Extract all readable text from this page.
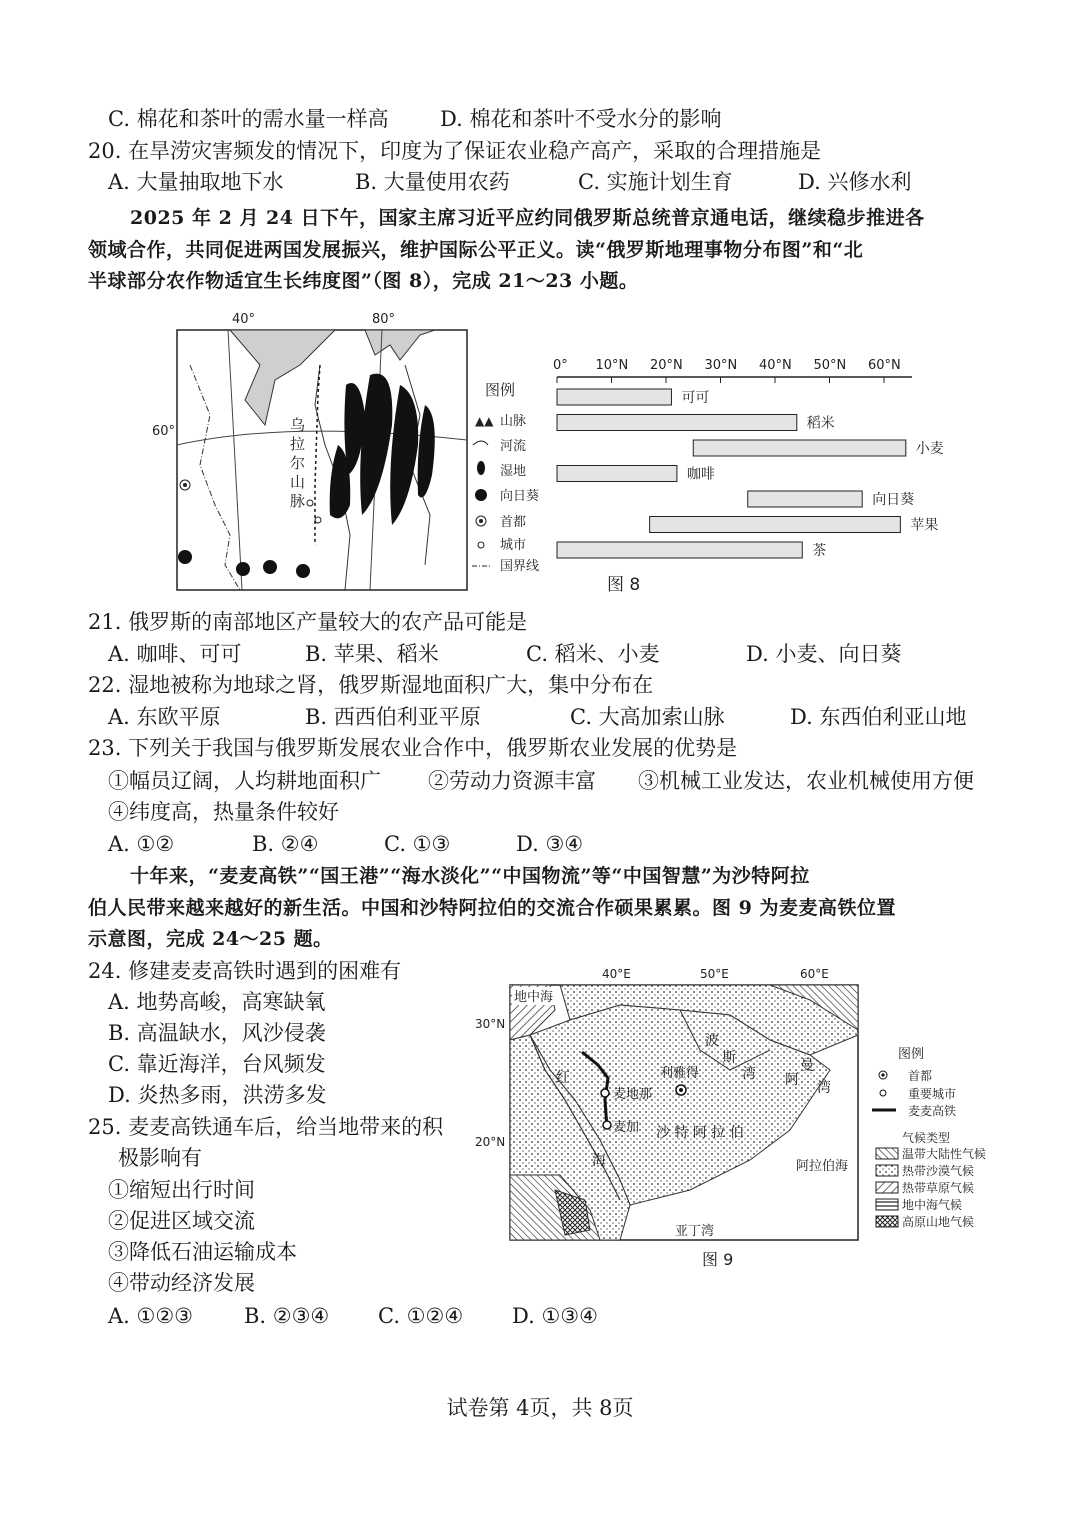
C. 棉花和茶叶的需水量一样高 D. 棉花和茶叶不受水分的影响
20. 在旱涝灾害频发的情况下，印度为了保证农业稳产高产，采取的合理措施是
A. 大量抽取地下水	B. 大量使用农药	C. 实施计划生育	D. 兴修水利
2025 年 2 月 24 日下午，国家主席习近平应约同俄罗斯总统普京通电话，继续稳步推进各
领域合作，共同促进两国发展振兴，维护国际公平正义。读“俄罗斯地理事物分布图”和“北
半球部分农作物适宜生长纬度图”（图 8），完成 21～23 小题。
40°	80°
60°	乌
拉
尔
山
脉
图例
▲▲ 山脉
河流
湿地
向日葵
首都
城市
国界线
0° 10°N 20°N 30°N 40°N 50°N 60°N
可可
稻米
小麦
咖啡
向日葵
苹果
茶
图 8
21. 俄罗斯的南部地区产量较大的农产品可能是
A. 咖啡、可可	B. 苹果、稻米	C. 稻米、小麦	D. 小麦、向日葵
22. 湿地被称为地球之肾，俄罗斯湿地面积广大，集中分布在
A. 东欧平原	B. 西西伯利亚平原	C. 大高加索山脉	D. 东西伯利亚山地
23. 下列关于我国与俄罗斯发展农业合作中，俄罗斯农业发展的优势是
①幅员辽阔，人均耕地面积广 ②劳动力资源丰富 ③机械工业发达，农业机械使用方便
④纬度高，热量条件较好
A. ①②	B. ②④	C. ①③	D. ③④
十年来，“麦麦高铁”“国王港”“海水淡化”“中国物流”等“中国智慧”为沙特阿拉
伯人民带来越来越好的新生活。中国和沙特阿拉伯的交流合作硕果累累。图 9 为麦麦高铁位置
示意图，完成 24～25 题。
24. 修建麦麦高铁时遇到的困难有
A. 地势高峻，高寒缺氧
B. 高温缺水，风沙侵袭
C. 靠近海洋，台风频发
D. 炎热多雨，洪涝多发
25. 麦麦高铁通车后，给当地带来的积
极影响有
①缩短出行时间
②促进区域交流
③降低石油运输成本
④带动经济发展
A. ①②③ B. ②③④ C. ①②④ D. ①③④
40°E	50°E	60°E
30°N
20°N
地中海
波
斯
湾 阿
曼
湾
红
海
利雅得
麦地那
麦加 沙 特 阿 拉 伯
阿拉伯海
亚丁湾
图例
首都
重要城市
麦麦高铁
气候类型
温带大陆性气候
热带沙漠气候
热带草原气候
地中海气候
高原山地气候
图 9
试卷第 4页，共 8页
